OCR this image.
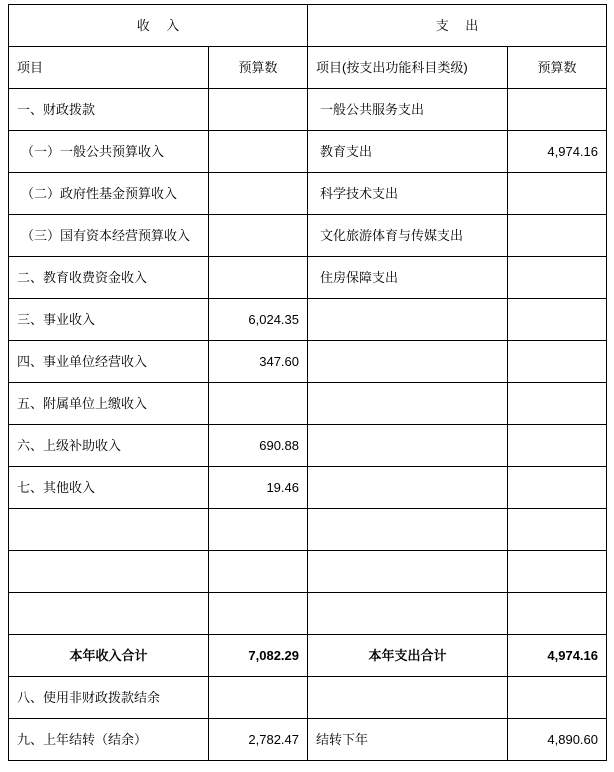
收 入		支 出	
项目	预算数	项目(按支出功能科目类级)	预算数
一、财政拨款		一般公共服务支出	
（一）一般公共预算收入		教育支出	4,974.16
（二）政府性基金预算收入		科学技术支出	
（三）国有资本经营预算收入		文化旅游体育与传媒支出	
二、教育收费资金收入		住房保障支出	
三、事业收入	6,024.35		
四、事业单位经营收入	347.60		
五、附属单位上缴收入			
六、上级补助收入	690.88		
七、其他收入	19.46		

本年收入合计	7,082.29	本年支出合计	4,974.16
八、使用非财政拨款结余			
九、上年结转（结余）	2,782.47	结转下年	4,890.60
